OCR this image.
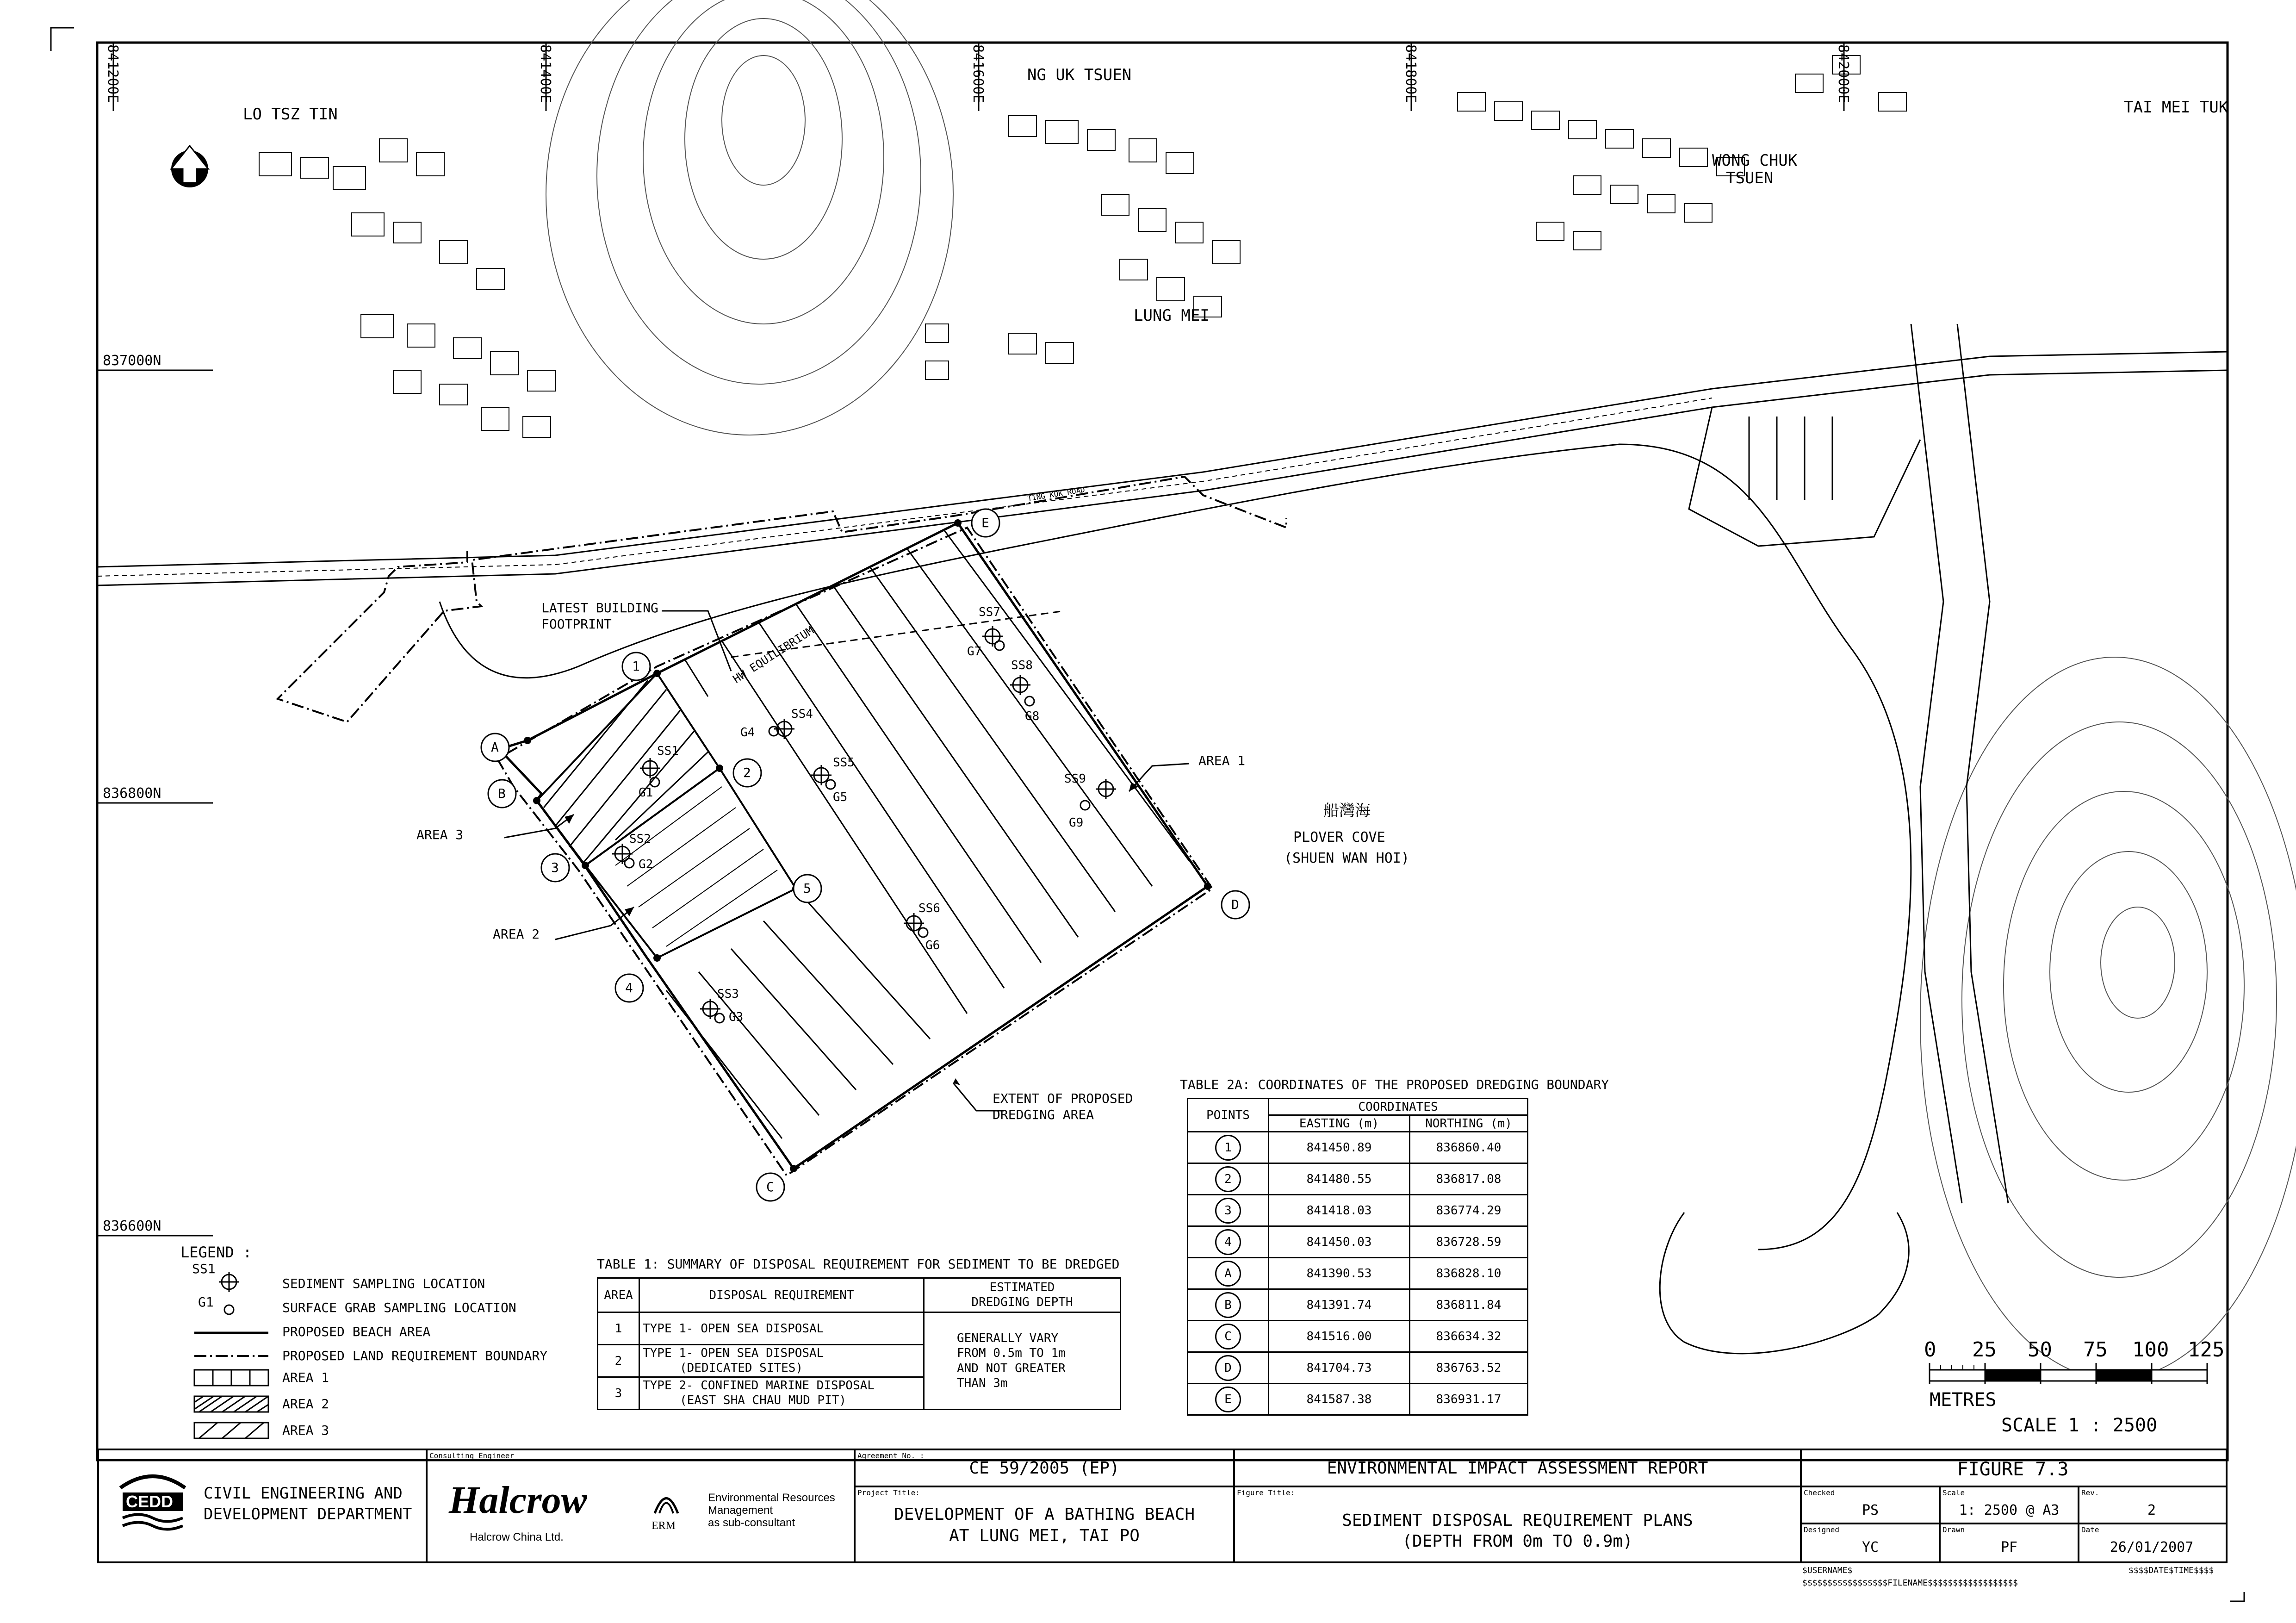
841200E	841400E	841600E	841800E	842000E
837000N
836800N
836600N
LO TSZ TIN
NG UK TSUEN
TAI MEI TUK
WONG CHUK
TSUEN
LUNG MEI
船灣海
PLOVER COVE
(SHUEN WAN HOI)
TING KOK ROAD
LATEST BUILDING
FOOTPRINT	HW EQUILIBRIUM
AREA 1
AREA 3
AREA 2
EXTENT OF PROPOSED
DREDGING AREA
1
2
3
4
5
A
B
C
D
E
SS1
G1
SS2
G2
SS3
G3
SS4
G4
SS5
G5
SS6
G6
SS7
G7
SS8
G8
SS9
G9
LEGEND :
SS1
G1
SEDIMENT SAMPLING LOCATION
SURFACE GRAB SAMPLING LOCATION
PROPOSED BEACH AREA
PROPOSED LAND REQUIREMENT BOUNDARY
AREA 1
AREA 2
AREA 3
TABLE 1: SUMMARY OF DISPOSAL REQUIREMENT FOR SEDIMENT TO BE DREDGED
AREA	DISPOSAL REQUIREMENT	ESTIMATED
DREDGING DEPTH

1	TYPE 1- OPEN SEA DISPOSAL	GENERALLY VARY
FROM 0.5m TO 1m
AND NOT GREATER
THAN 3m

2	TYPE 1- OPEN SEA DISPOSAL
(DEDICATED SITES)	

3	TYPE 2- CONFINED MARINE DISPOSAL
(EAST SHA CHAU MUD PIT)	
TABLE 2A: COORDINATES OF THE PROPOSED DREDGING BOUNDARY
POINTS	COORDINATES	
	EASTING (m)	NORTHING (m)
1	841450.89	836860.40
2	841480.55	836817.08
3	841418.03	836774.29
4	841450.03	836728.59
A	841390.53	836828.10
B	841391.74	836811.84
C	841516.00	836634.32
D	841704.73	836763.52
E	841587.38	836931.17
0 25 50 75 100 125
METRES
SCALE 1 : 2500
CEDD CIVIL ENGINEERING AND
DEVELOPMENT DEPARTMENT
Consulting Engineer
Halcrow
Halcrow China Ltd.
ERM
Environmental Resources
Management
as sub-consultant
Agreement No. :
CE 59/2005 (EP)
Project Title:
DEVELOPMENT OF A BATHING BEACH
AT LUNG MEI, TAI PO
ENVIRONMENTAL IMPACT ASSESSMENT REPORT
Figure Title:
SEDIMENT DISPOSAL REQUIREMENT PLANS
(DEPTH FROM 0m TO 0.9m)
FIGURE 7.3
Checked
PS
Scale
1: 2500 @ A3
Rev.
2
Designed
YC
Drawn
PF
Date
26/01/2007
$USERNAME$
$$$$$$$$$$$$$$$$$FILENAME$$$$$$$$$$$$$$$$$$
$$$$DATE$TIME$$$$
